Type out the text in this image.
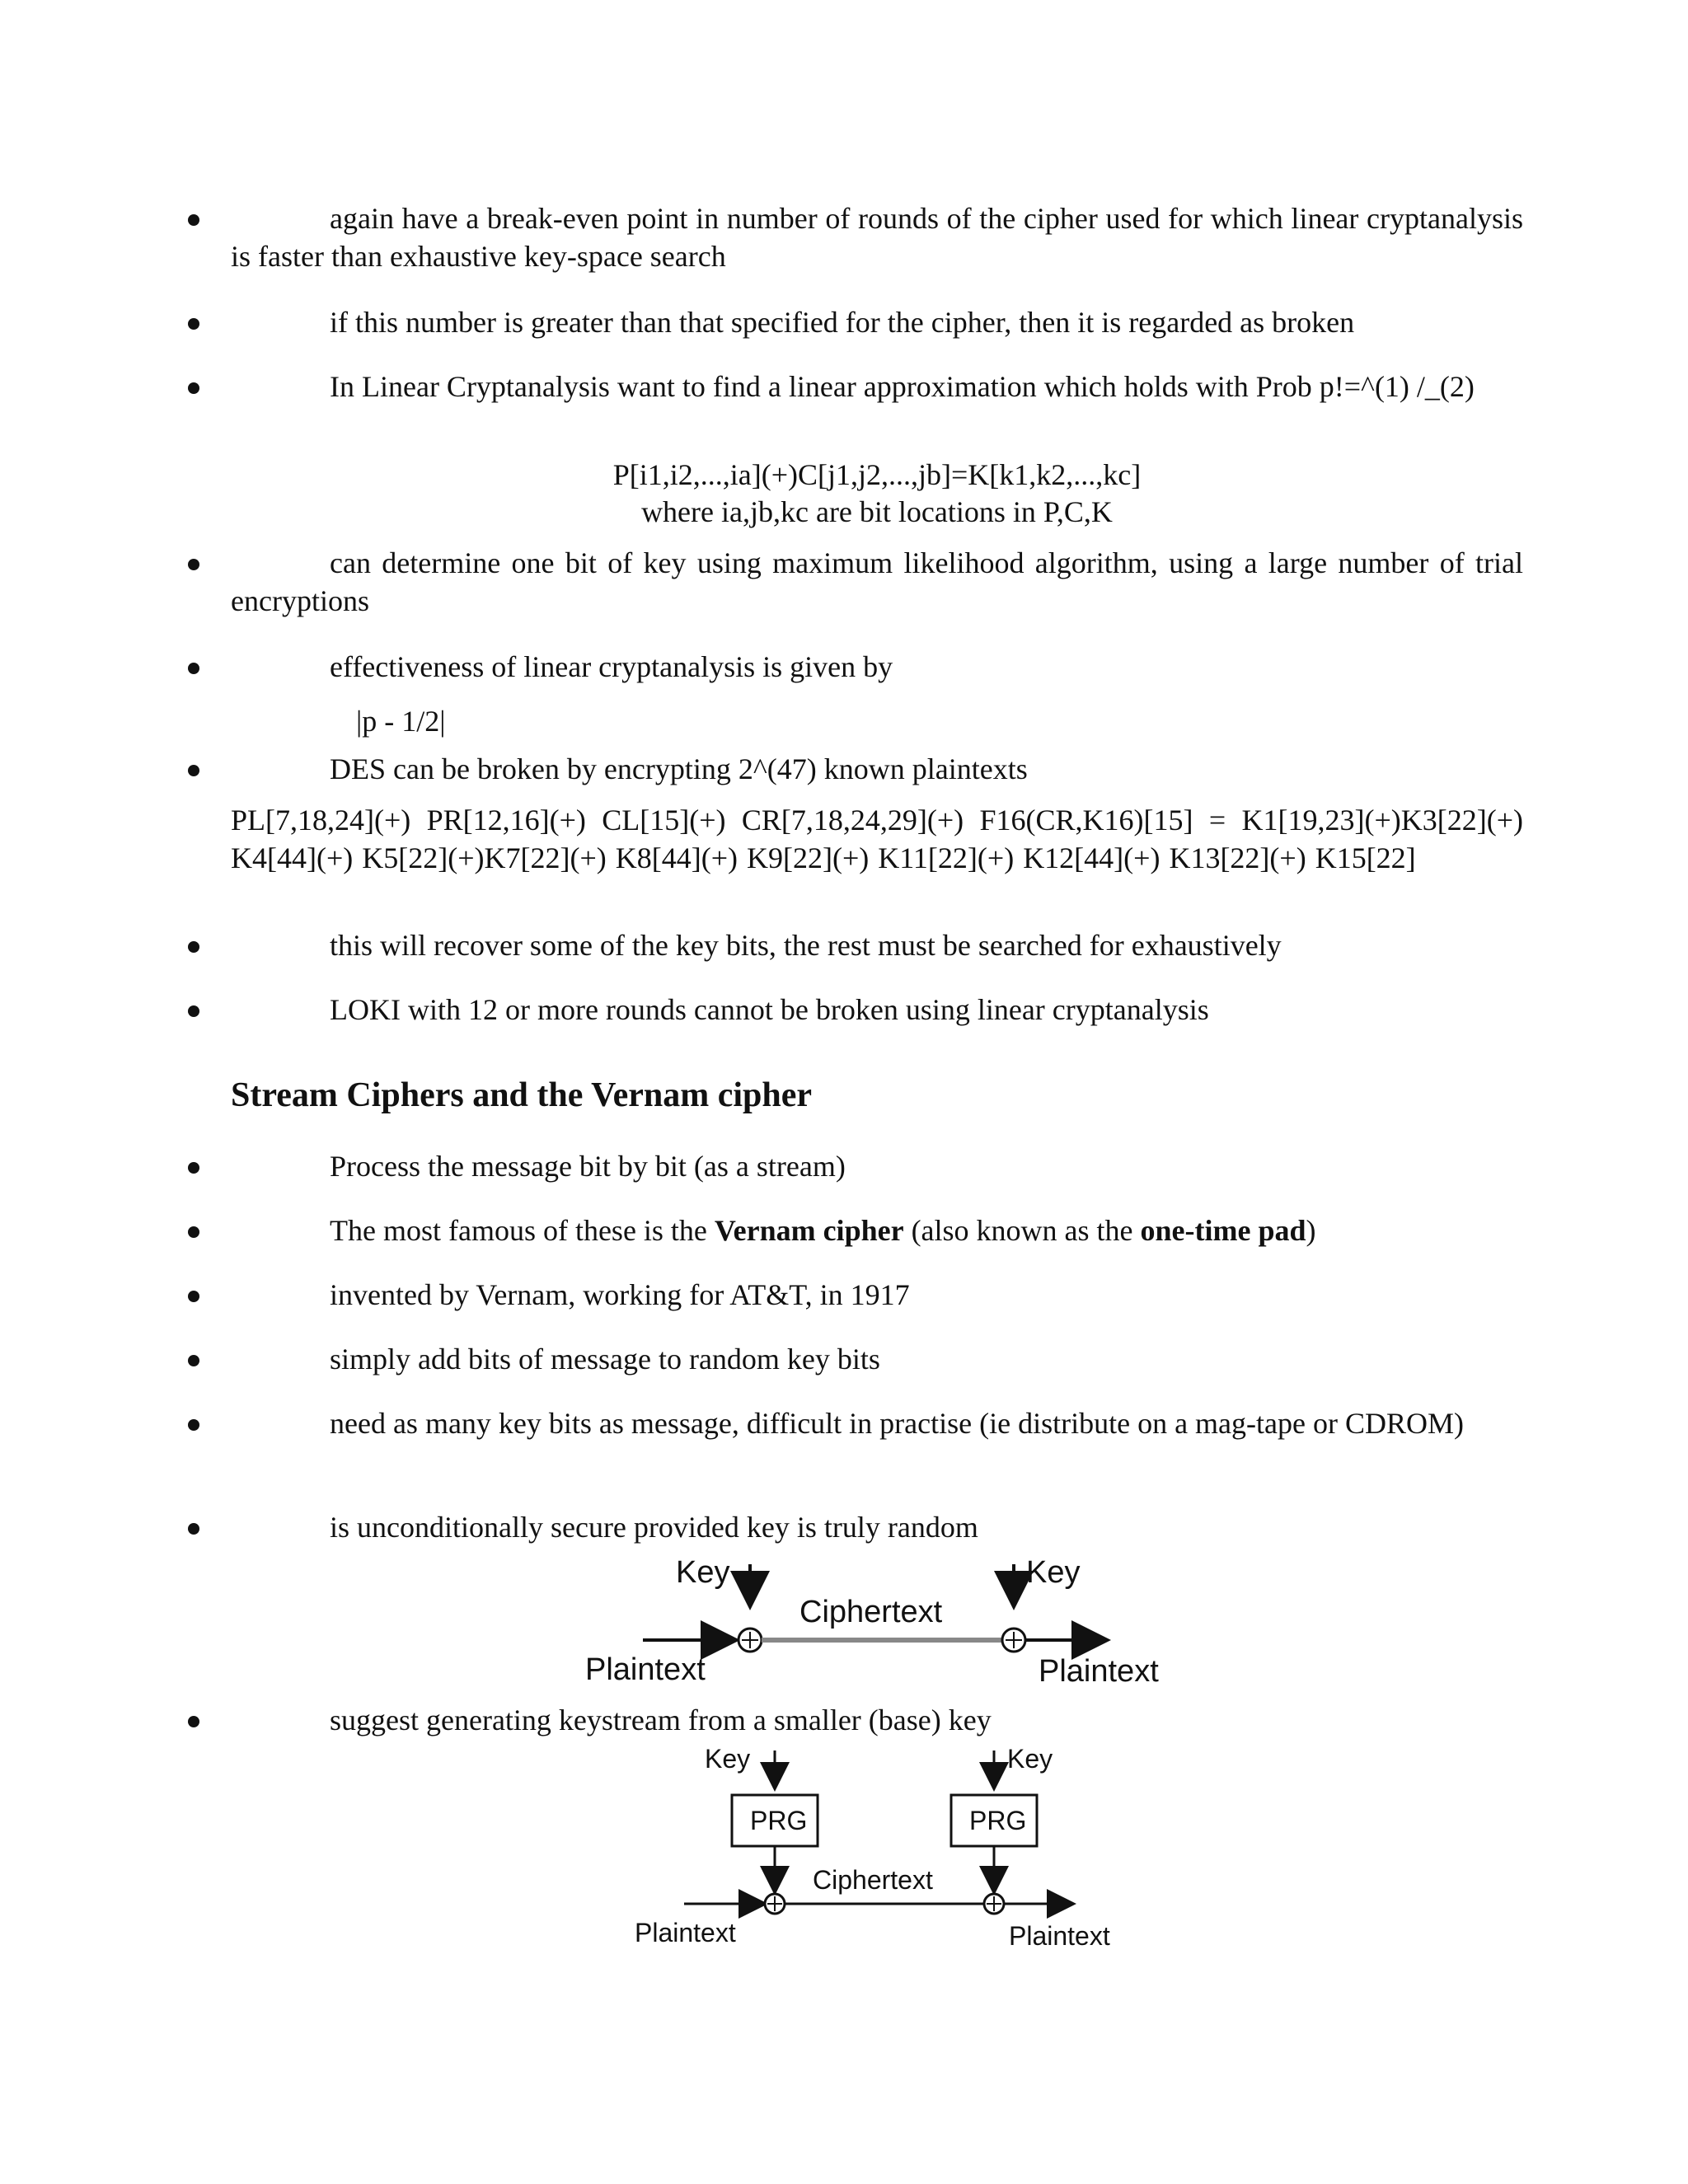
again have a break-even point in number of rounds of the cipher used for which linear cryptanalysis is faster than exhaustive key-space search
if this number is greater than that specified for the cipher, then it is regarded as broken
In Linear Cryptanalysis want to find a linear approximation which holds with Prob p!=^(1) /_(2)
P[i1,i2,...,ia](+)C[j1,j2,...,jb]=K[k1,k2,...,kc]
where ia,jb,kc are bit locations in P,C,K
can determine one bit of key using maximum likelihood algorithm, using a large number of trial encryptions
effectiveness of linear cryptanalysis is given by
|p - 1/2|
DES can be broken by encrypting 2^(47) known plaintexts
PL[7,18,24](+) PR[12,16](+) CL[15](+) CR[7,18,24,29](+) F16(CR,K16)[15] = K1[19,23](+)K3[22](+) K4[44](+) K5[22](+)K7[22](+) K8[44](+) K9[22](+) K11[22](+) K12[44](+) K13[22](+) K15[22]
this will recover some of the key bits, the rest must be searched for exhaustively
LOKI with 12 or more rounds cannot be broken using linear cryptanalysis
Stream Ciphers and the Vernam cipher
Process the message bit by bit (as a stream)
The most famous of these is the Vernam cipher (also known as the one-time pad)
invented by Vernam, working for AT&T, in 1917
simply add bits of message to random key bits
need as many key bits as message, difficult in practise (ie distribute on a mag-tape or CDROM)
is unconditionally secure provided key is truly random
Key	Key
Ciphertext
Plaintext	Plaintext
suggest generating keystream from a smaller (base) key
Key	Key
PRG	PRG
Ciphertext
Plaintext	Plaintext
